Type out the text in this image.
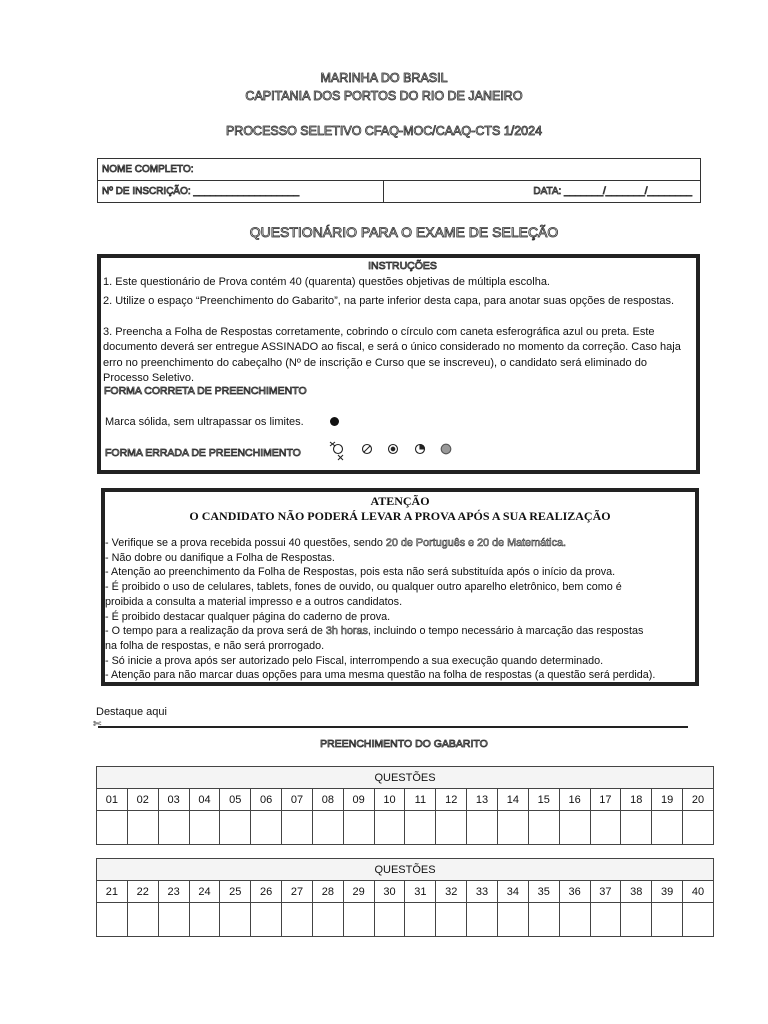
MARINHA DO BRASIL
CAPITANIA DOS PORTOS DO RIO DE JANEIRO
PROCESSO SELETIVO CFAQ-MOC/CAAQ-CTS 1/2024
NOME COMPLETO:
Nº DE INSCRIÇÃO: ___________________	DATA: _______/_______/________
QUESTIONÁRIO PARA O EXAME DE SELEÇÃO
INSTRUÇÕES
1. Este questionário de Prova contém 40 (quarenta) questões objetivas de múltipla escolha.
2. Utilize o espaço “Preenchimento do Gabarito”, na parte inferior desta capa, para anotar suas opções de respostas.
3. Preencha a Folha de Respostas corretamente, cobrindo o círculo com caneta esferográfica azul ou preta. Este documento deverá ser entregue ASSINADO ao fiscal, e será o único considerado no momento da correção. Caso haja erro no preenchimento do cabeçalho (Nº de inscrição e Curso que se inscreveu), o candidato será eliminado do Processo Seletivo.
FORMA CORRETA DE PREENCHIMENTO
Marca sólida, sem ultrapassar os limites.
FORMA ERRADA DE PREENCHIMENTO
ATENÇÃO
O CANDIDATO NÃO PODERÁ LEVAR A PROVA APÓS A SUA REALIZAÇÃO
- Verifique se a prova recebida possui 40 questões, sendo 20 de Português e 20 de Matemática.
- Não dobre ou danifique a Folha de Respostas.
- Atenção ao preenchimento da Folha de Respostas, pois esta não será substituída após o início da prova.
- É proibido o uso de celulares, tablets, fones de ouvido, ou qualquer outro aparelho eletrônico, bem como é
proibida a consulta a material impresso e a outros candidatos.
- É proibido destacar qualquer página do caderno de prova.
- O tempo para a realização da prova será de 3h horas, incluindo o tempo necessário à marcação das respostas
na folha de respostas, e não será prorrogado.
- Só inicie a prova após ser autorizado pelo Fiscal, interrompendo a sua execução quando determinado.
- Atenção para não marcar duas opções para uma mesma questão na folha de respostas (a questão será perdida).
Destaque aqui
✄
PREENCHIMENTO DO GABARITO
QUESTÕES																			
01	02	03	04	05	06	07	08	09	10	11	12	13	14	15	16	17	18	19	20

QUESTÕES																			
21	22	23	24	25	26	27	28	29	30	31	32	33	34	35	36	37	38	39	40
